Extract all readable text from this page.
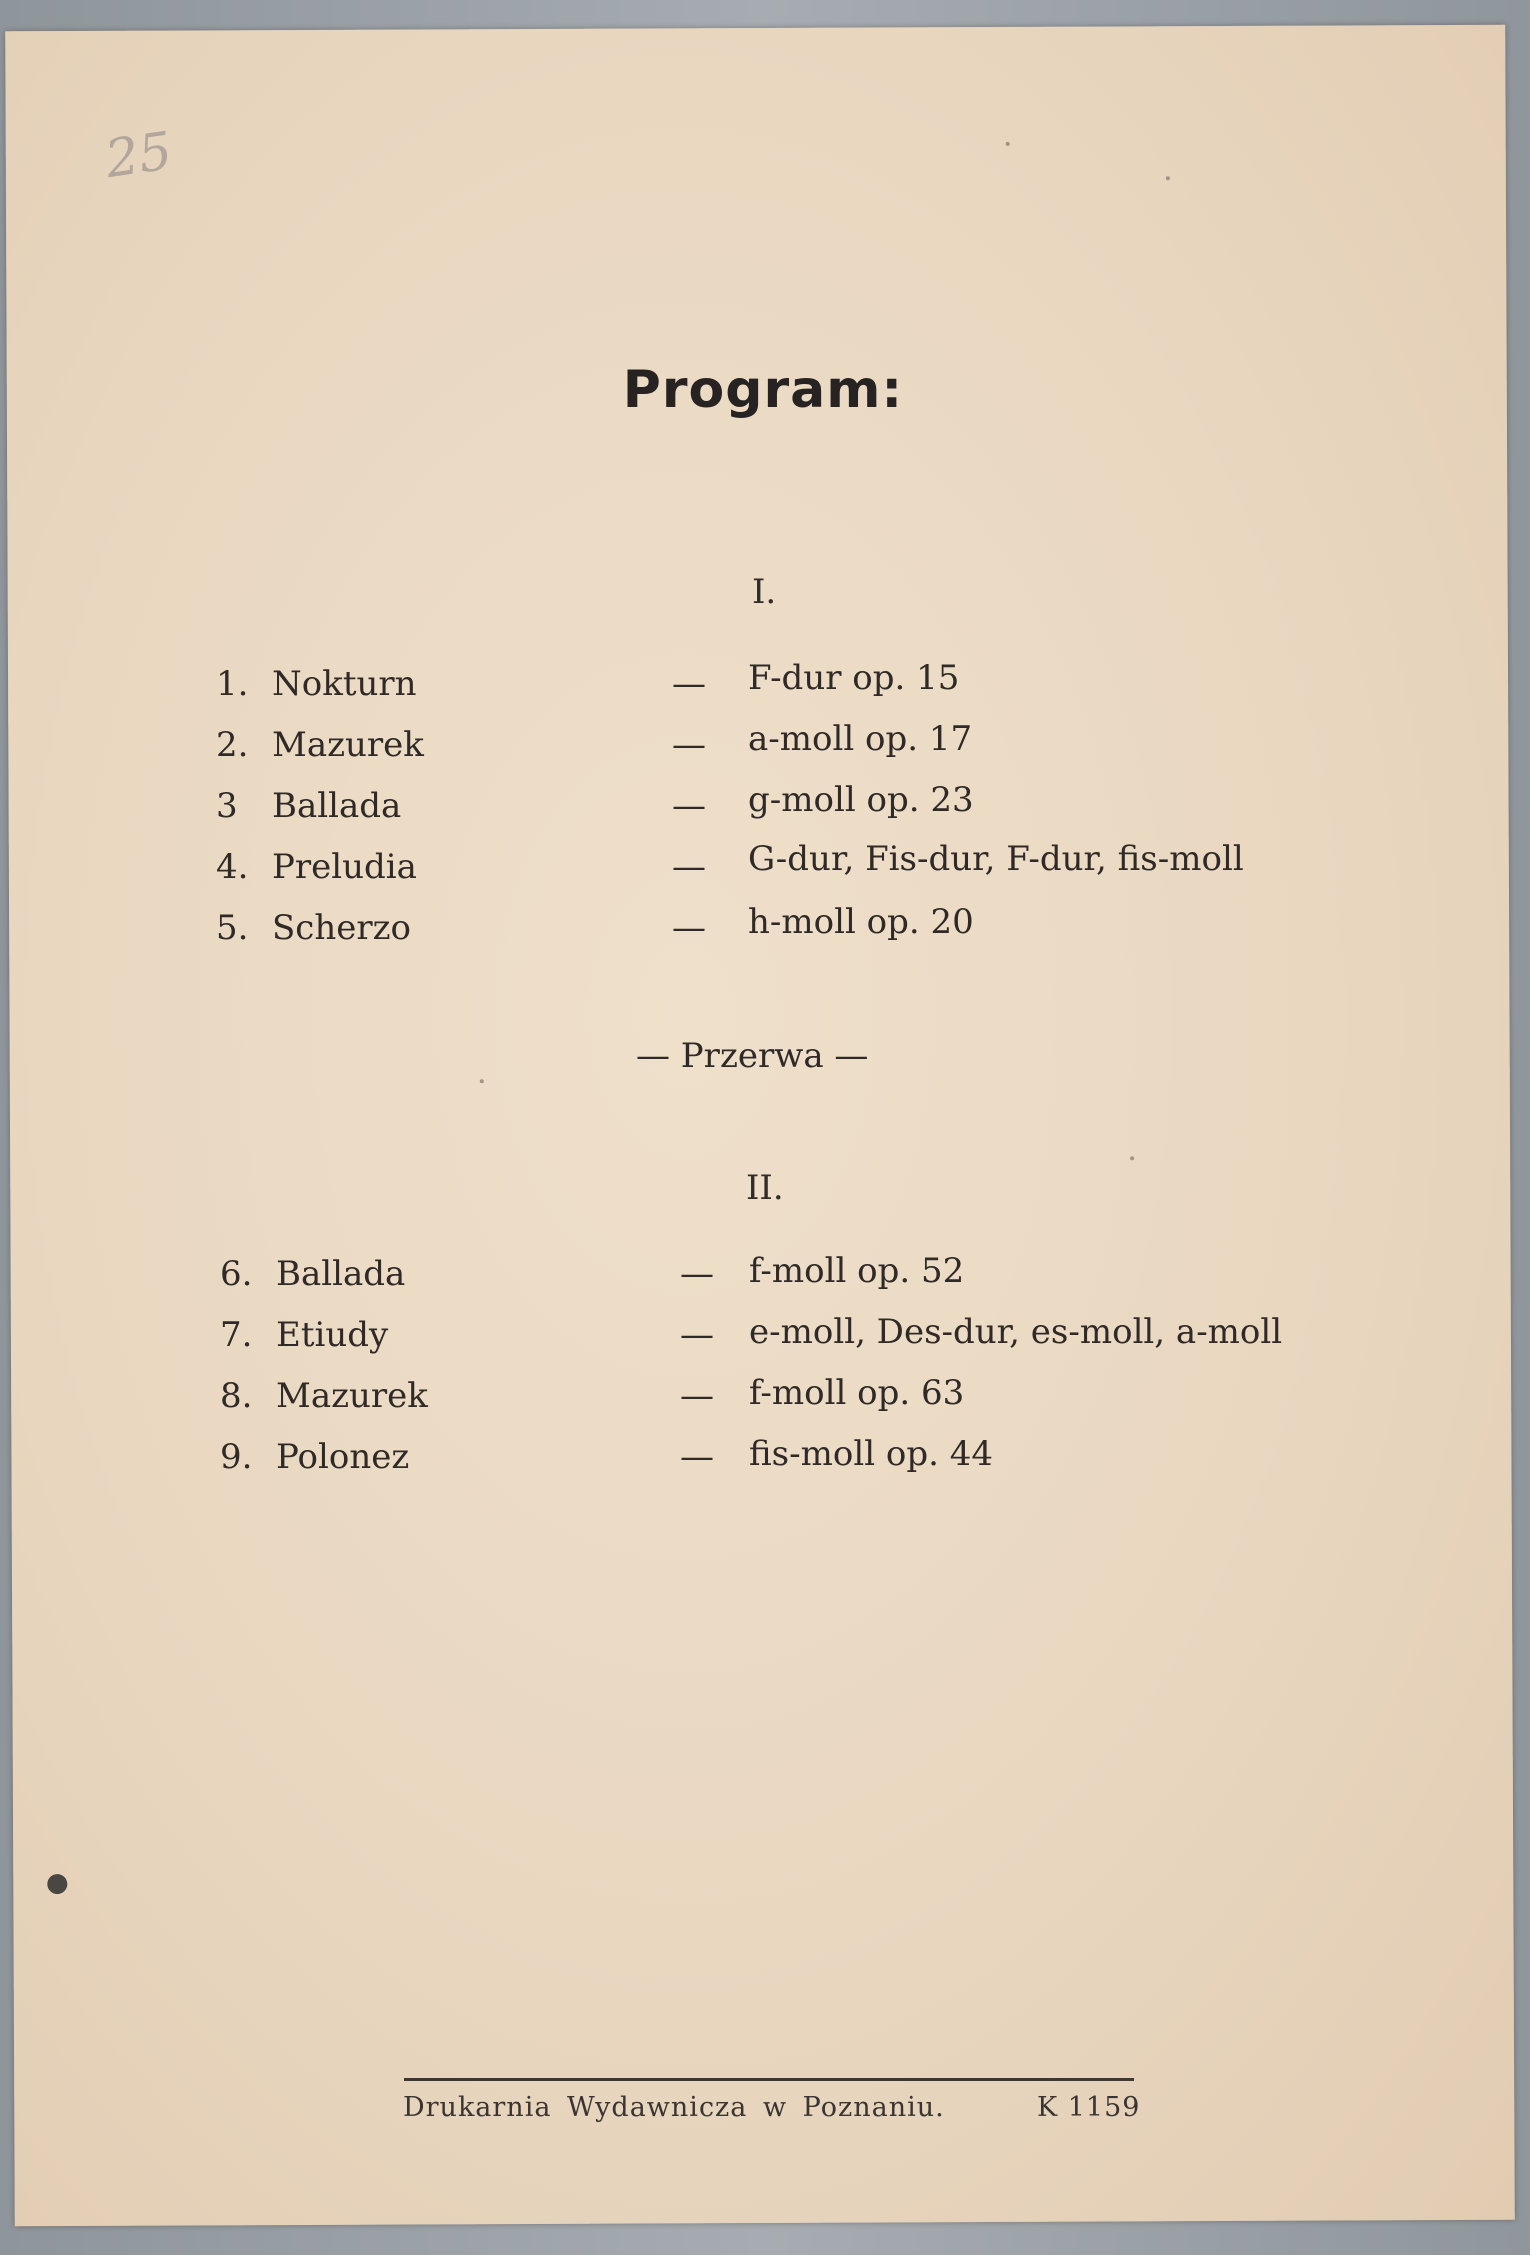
25

Program:

I.

1. Nokturn	— F-dur op. 15
2. Mazurek	— a-moll op. 17
3 Ballada	— g-moll op. 23
4. Preludia	— G-dur, Fis-dur, F-dur, fis-moll
5. Scherzo	— h-moll op. 20

— Przerwa —

II.

6. Ballada	— f-moll op. 52
7. Etiudy	— e-moll, Des-dur, es-moll, a-moll
8. Mazurek	— f-moll op. 63
9. Polonez	— fis-moll op. 44

Drukarnia Wydawnicza w Poznaniu.	K 1159
